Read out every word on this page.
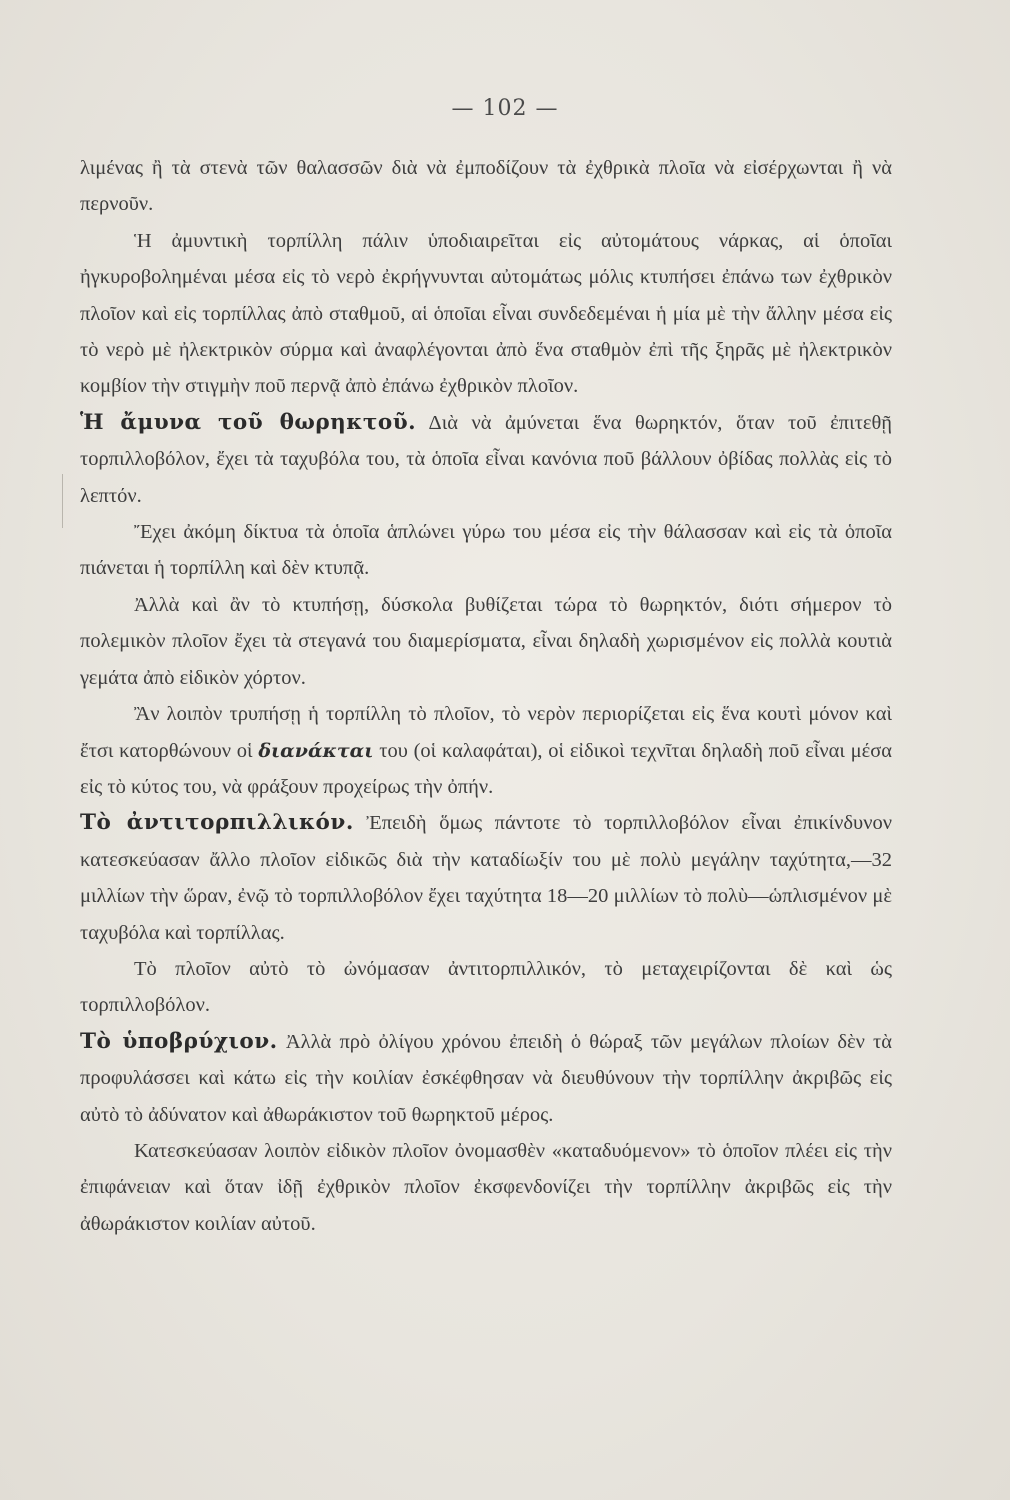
— 102 —

λιμένας ἢ τὰ στενὰ τῶν θαλασσῶν διὰ νὰ ἐμποδίζουν τὰ ἐχθρικὰ πλοῖα νὰ εἰσέρχωνται ἢ νὰ περνοῦν.

Ἡ ἀμυντικὴ τορπίλλη πάλιν ὑποδιαιρεῖται εἰς αὐτομάτους νάρκας, αἱ ὁποῖαι ἠγκυροβολημέναι μέσα εἰς τὸ νερὸ ἐκρήγνυνται αὐτομάτως μόλις κτυπήσει ἐπάνω των ἐχθρικὸν πλοῖον καὶ εἰς τορπίλλας ἀπὸ σταθμοῦ, αἱ ὁποῖαι εἶναι συνδεδεμέναι ἡ μία μὲ τὴν ἄλλην μέσα εἰς τὸ νερὸ μὲ ἠλεκτρικὸν σύρμα καὶ ἀναφλέγονται ἀπὸ ἕνα σταθμὸν ἐπὶ τῆς ξηρᾶς μὲ ἠλεκτρικὸν κομβίον τὴν στιγμὴν ποῦ περνᾷ ἀπὸ ἐπάνω ἐχθρικὸν πλοῖον.

Ἡ ἄμυνα τοῦ θωρηκτοῦ. Διὰ νὰ ἀμύνεται ἕνα θωρηκτόν, ὅταν τοῦ ἐπιτεθῇ τορπιλλοβόλον, ἔχει τὰ ταχυβόλα του, τὰ ὁποῖα εἶναι κανόνια ποῦ βάλλουν ὀβίδας πολλὰς εἰς τὸ λεπτόν.

Ἔχει ἀκόμη δίκτυα τὰ ὁποῖα ἁπλώνει γύρω του μέσα εἰς τὴν θάλασσαν καὶ εἰς τὰ ὁποῖα πιάνεται ἡ τορπίλλη καὶ δὲν κτυπᾷ.

Ἀλλὰ καὶ ἂν τὸ κτυπήσῃ, δύσκολα βυθίζεται τώρα τὸ θωρηκτόν, διότι σήμερον τὸ πολεμικὸν πλοῖον ἔχει τὰ στεγανά του διαμερίσματα, εἶναι δηλαδὴ χωρισμένον εἰς πολλὰ κουτιὰ γεμάτα ἀπὸ εἰδικὸν χόρτον.

Ἂν λοιπὸν τρυπήσῃ ἡ τορπίλλη τὸ πλοῖον, τὸ νερὸν περιορίζεται εἰς ἕνα κουτὶ μόνον καὶ ἔτσι κατορθώνουν οἱ διανάκται του (οἱ καλαφάται), οἱ εἰδικοὶ τεχνῖται δηλαδὴ ποῦ εἶναι μέσα εἰς τὸ κύτος του, νὰ φράξουν προχείρως τὴν ὀπήν.

Τὸ ἀντιτορπιλλικόν. Ἐπειδὴ ὅμως πάντοτε τὸ τορπιλλοβόλον εἶναι ἐπικίνδυνον κατεσκεύασαν ἄλλο πλοῖον εἰδικῶς διὰ τὴν καταδίωξίν του μὲ πολὺ μεγάλην ταχύτητα,—32 μιλλίων τὴν ὥραν, ἐνῷ τὸ τορπιλλοβόλον ἔχει ταχύτητα 18—20 μιλλίων τὸ πολὺ—ὡπλισμένον μὲ ταχυβόλα καὶ τορπίλλας.

Τὸ πλοῖον αὐτὸ τὸ ὠνόμασαν ἀντιτορπιλλικόν, τὸ μεταχειρίζονται δὲ καὶ ὡς τορπιλλοβόλον.

Τὸ ὑποβρύχιον. Ἀλλὰ πρὸ ὀλίγου χρόνου ἐπειδὴ ὁ θώραξ τῶν μεγάλων πλοίων δὲν τὰ προφυλάσσει καὶ κάτω εἰς τὴν κοιλίαν ἐσκέφθησαν νὰ διευθύνουν τὴν τορπίλλην ἀκριβῶς εἰς αὐτὸ τὸ ἀδύνατον καὶ ἀθωράκιστον τοῦ θωρηκτοῦ μέρος.

Κατεσκεύασαν λοιπὸν εἰδικὸν πλοῖον ὀνομασθὲν «καταδυόμενον» τὸ ὁποῖον πλέει εἰς τὴν ἐπιφάνειαν καὶ ὅταν ἰδῇ ἐχθρικὸν πλοῖον ἐκσφενδονίζει τὴν τορπίλλην ἀκριβῶς εἰς τὴν ἀθωράκιστον κοιλίαν αὐτοῦ.
